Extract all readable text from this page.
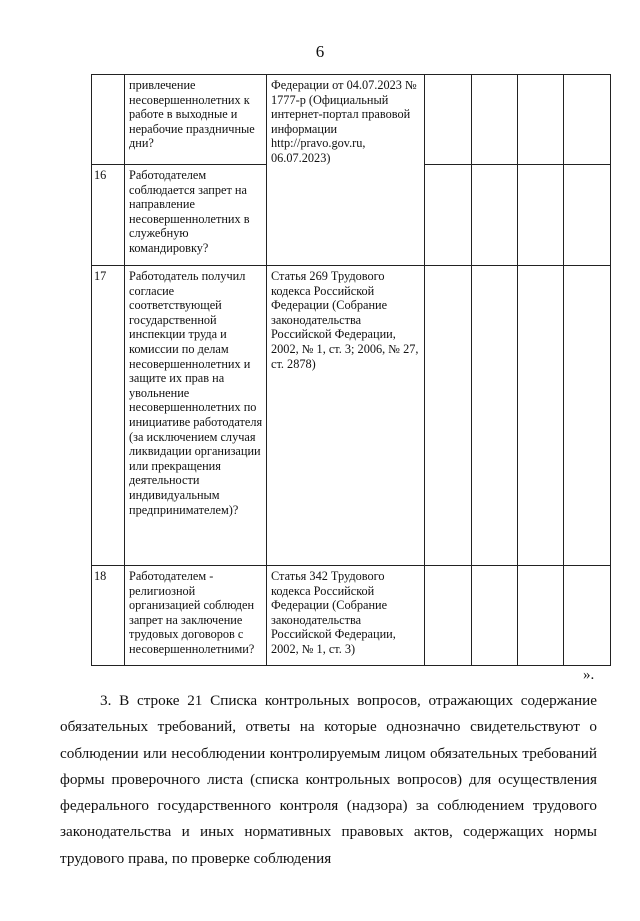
6
	привлечение несовершеннолетних к работе в выходные и нерабочие праздничные дни?	Федерации от 04.07.2023 № 1777-р (Официальный интернет-портал правовой информации http://pravo.gov.ru, 06.07.2023)				
16	Работодателем соблюдается запрет на направление несовершеннолетних в служебную командировку?					
17	Работодатель получил согласие соответствующей государственной инспекции труда и комиссии по делам несовершеннолетних и защите их прав на увольнение несовершеннолетних по инициативе работодателя (за исключением случая ликвидации организации или прекращения деятельности индивидуальным предпринимателем)?	Статья 269 Трудового кодекса Российской Федерации (Собрание законодательства Российской Федерации, 2002, № 1, ст. 3; 2006, № 27, ст. 2878)				
18	Работодателем - религиозной организацией соблюден запрет на заключение трудовых договоров с несовершеннолетними?	Статья 342 Трудового кодекса Российской Федерации (Собрание законодательства Российской Федерации, 2002, № 1, ст. 3)				
».

3. В строке 21 Списка контрольных вопросов, отражающих содержание обязательных требований, ответы на которые однозначно свидетельствуют о соблюдении или несоблюдении контролируемым лицом обязательных требований формы проверочного листа (списка контрольных вопросов) для осуществления федерального государственного контроля (надзора) за соблюдением трудового законодательства и иных нормативных правовых актов, содержащих нормы трудового права, по проверке соблюдения
